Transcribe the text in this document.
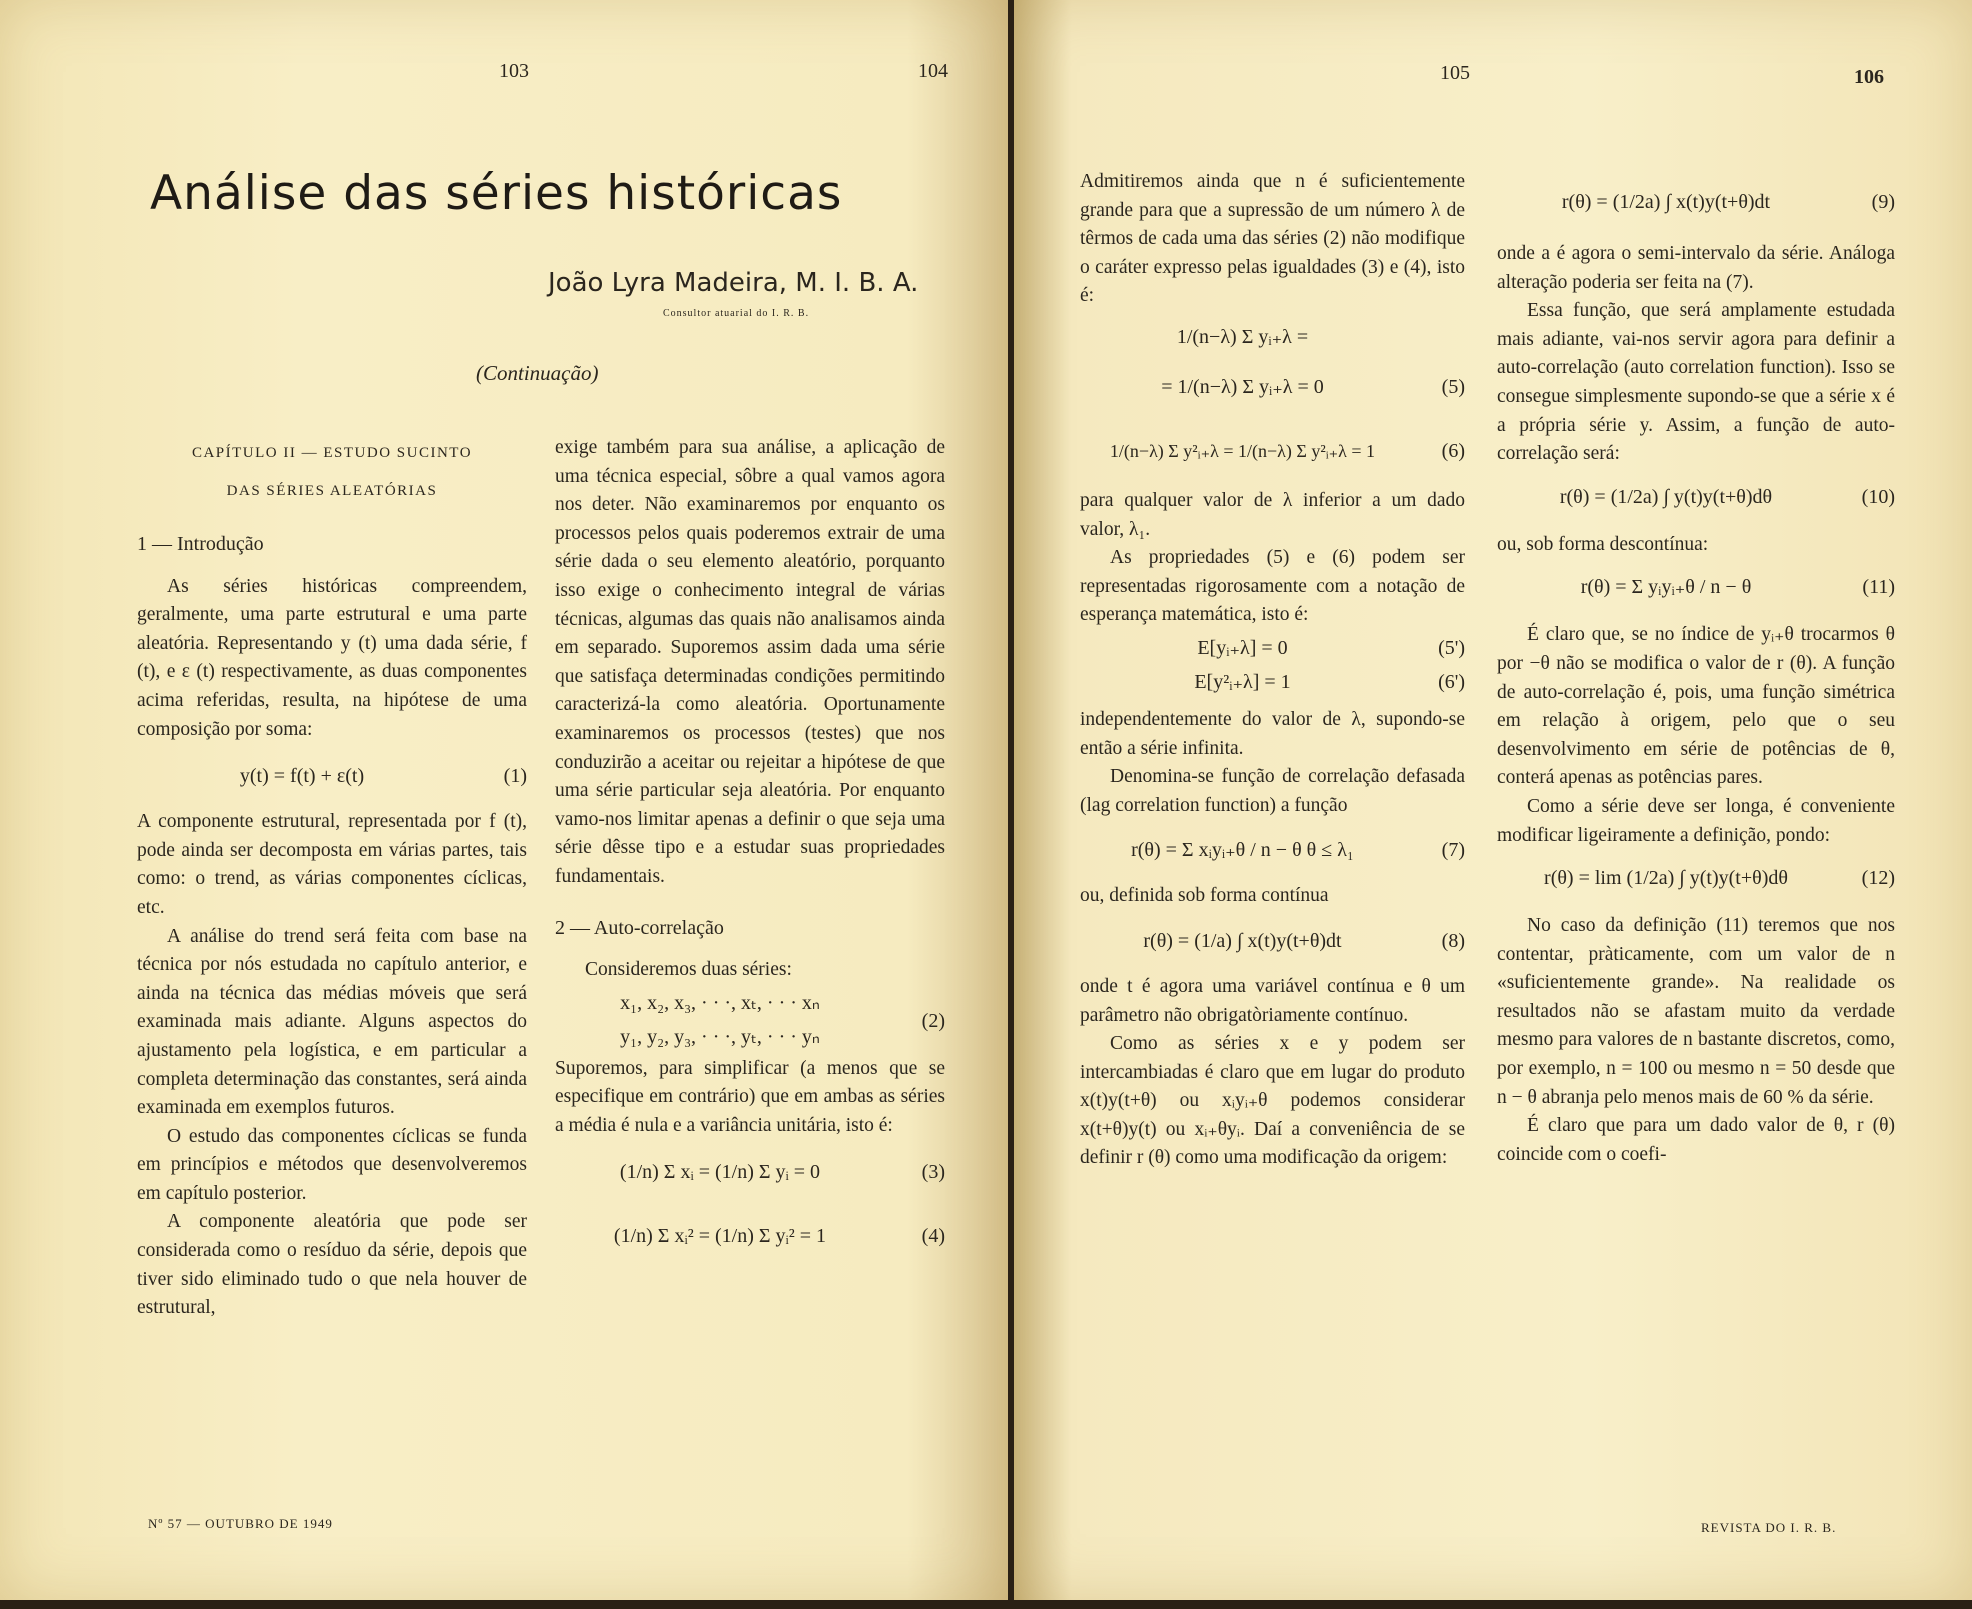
103	104
Análise das séries históricas
João Lyra Madeira, M. I. B. A.
Consultor atuarial do I. R. B.
(Continuação)
CAPÍTULO II — ESTUDO SUCINTO
DAS SÉRIES ALEATÓRIAS
1 — Introdução

As séries históricas compreendem, geralmente, uma parte estrutural e uma parte aleatória. Representando y (t) uma dada série, f (t), e ε (t) respectivamente, as duas componentes acima referidas, resulta, na hipótese de uma composição por soma:

y(t) = f(t) + ε(t)	(1)

A componente estrutural, representada por f (t), pode ainda ser decomposta em várias partes, tais como: o trend, as várias componentes cíclicas, etc.

A análise do trend será feita com base na técnica por nós estudada no capítulo anterior, e ainda na técnica das médias móveis que será examinada mais adiante. Alguns aspectos do ajustamento pela logística, e em particular a completa determinação das constantes, será ainda examinada em exemplos futuros.

O estudo das componentes cíclicas se funda em princípios e métodos que desenvolveremos em capítulo posterior.

A componente aleatória que pode ser considerada como o resíduo da série, depois que tiver sido eliminado tudo o que nela houver de estrutural,

exige também para sua análise, a aplicação de uma técnica especial, sôbre a qual vamos agora nos deter. Não examinaremos por enquanto os processos pelos quais poderemos extrair de uma série dada o seu elemento aleatório, porquanto isso exige o conhecimento integral de várias técnicas, algumas das quais não analisamos ainda em separado. Suporemos assim dada uma série que satisfaça determinadas condições permitindo caracterizá-la como aleatória. Oportunamente examinaremos os processos (testes) que nos conduzirão a aceitar ou rejeitar a hipótese de que uma série particular seja aleatória. Por enquanto vamo-nos limitar apenas a definir o que seja uma série dêsse tipo e a estudar suas propriedades fundamentais.

2 — Auto-correlação

Consideremos duas séries:

x₁, x₂, x₃, · · ·, xₜ, · · · xₙ
y₁, y₂, y₃, · · ·, yₜ, · · · yₙ
(2)

Suporemos, para simplificar (a menos que se especifique em contrário) que em ambas as séries a média é nula e a variância unitária, isto é:

(1/n) Σ xᵢ = (1/n) Σ yᵢ = 0	(3)
(1/n) Σ xᵢ² = (1/n) Σ yᵢ² = 1	(4)
Nº 57 — OUTUBRO DE 1949
105	106

Admitiremos ainda que n é suficientemente grande para que a supressão de um número λ de têrmos de cada uma das séries (2) não modifique o caráter expresso pelas igualdades (3) e (4), isto é:

1/(n−λ) Σ yᵢ₊λ =
= 1/(n−λ) Σ yᵢ₊λ = 0	(5)
1/(n−λ) Σ y²ᵢ₊λ = 1/(n−λ) Σ y²ᵢ₊λ = 1	(6)

para qualquer valor de λ inferior a um dado valor, λ₁.

As propriedades (5) e (6) podem ser representadas rigorosamente com a notação de esperança matemática, isto é:

E[yᵢ₊λ] = 0	(5')
E[y²ᵢ₊λ] = 1	(6')

independentemente do valor de λ, supondo-se então a série infinita.

Denomina-se função de correlação defasada (lag correlation function) a função

r(θ) = Σ xᵢyᵢ₊θ / n − θ θ ≤ λ₁	(7)

ou, definida sob forma contínua

r(θ) = (1/a) ∫ x(t)y(t+θ)dt	(8)

onde t é agora uma variável contínua e θ um parâmetro não obrigatòriamente contínuo.

Como as séries x e y podem ser intercambiadas é claro que em lugar do produto x(t)y(t+θ) ou xᵢyᵢ₊θ podemos considerar x(t+θ)y(t) ou xᵢ₊θyᵢ. Daí a conveniência de se definir r (θ) como uma modificação da origem:

r(θ) = (1/2a) ∫ x(t)y(t+θ)dt	(9)

onde a é agora o semi-intervalo da série. Análoga alteração poderia ser feita na (7).

Essa função, que será amplamente estudada mais adiante, vai-nos servir agora para definir a auto-correlação (auto correlation function). Isso se consegue simplesmente supondo-se que a série x é a própria série y. Assim, a função de auto-correlação será:

r(θ) = (1/2a) ∫ y(t)y(t+θ)dθ	(10)

ou, sob forma descontínua:

r(θ) = Σ yᵢyᵢ₊θ / n − θ	(11)

É claro que, se no índice de yᵢ₊θ trocarmos θ por −θ não se modifica o valor de r (θ). A função de auto-correlação é, pois, uma função simétrica em relação à origem, pelo que o seu desenvolvimento em série de potências de θ, conterá apenas as potências pares.

Como a série deve ser longa, é conveniente modificar ligeiramente a definição, pondo:

r(θ) = lim (1/2a) ∫ y(t)y(t+θ)dθ	(12)

No caso da definição (11) teremos que nos contentar, pràticamente, com um valor de n «suficientemente grande». Na realidade os resultados não se afastam muito da verdade mesmo para valores de n bastante discretos, como, por exemplo, n = 100 ou mesmo n = 50 desde que n − θ abranja pelo menos mais de 60 % da série.

É claro que para um dado valor de θ, r (θ) coincide com o coefi-

REVISTA DO I. R. B.
